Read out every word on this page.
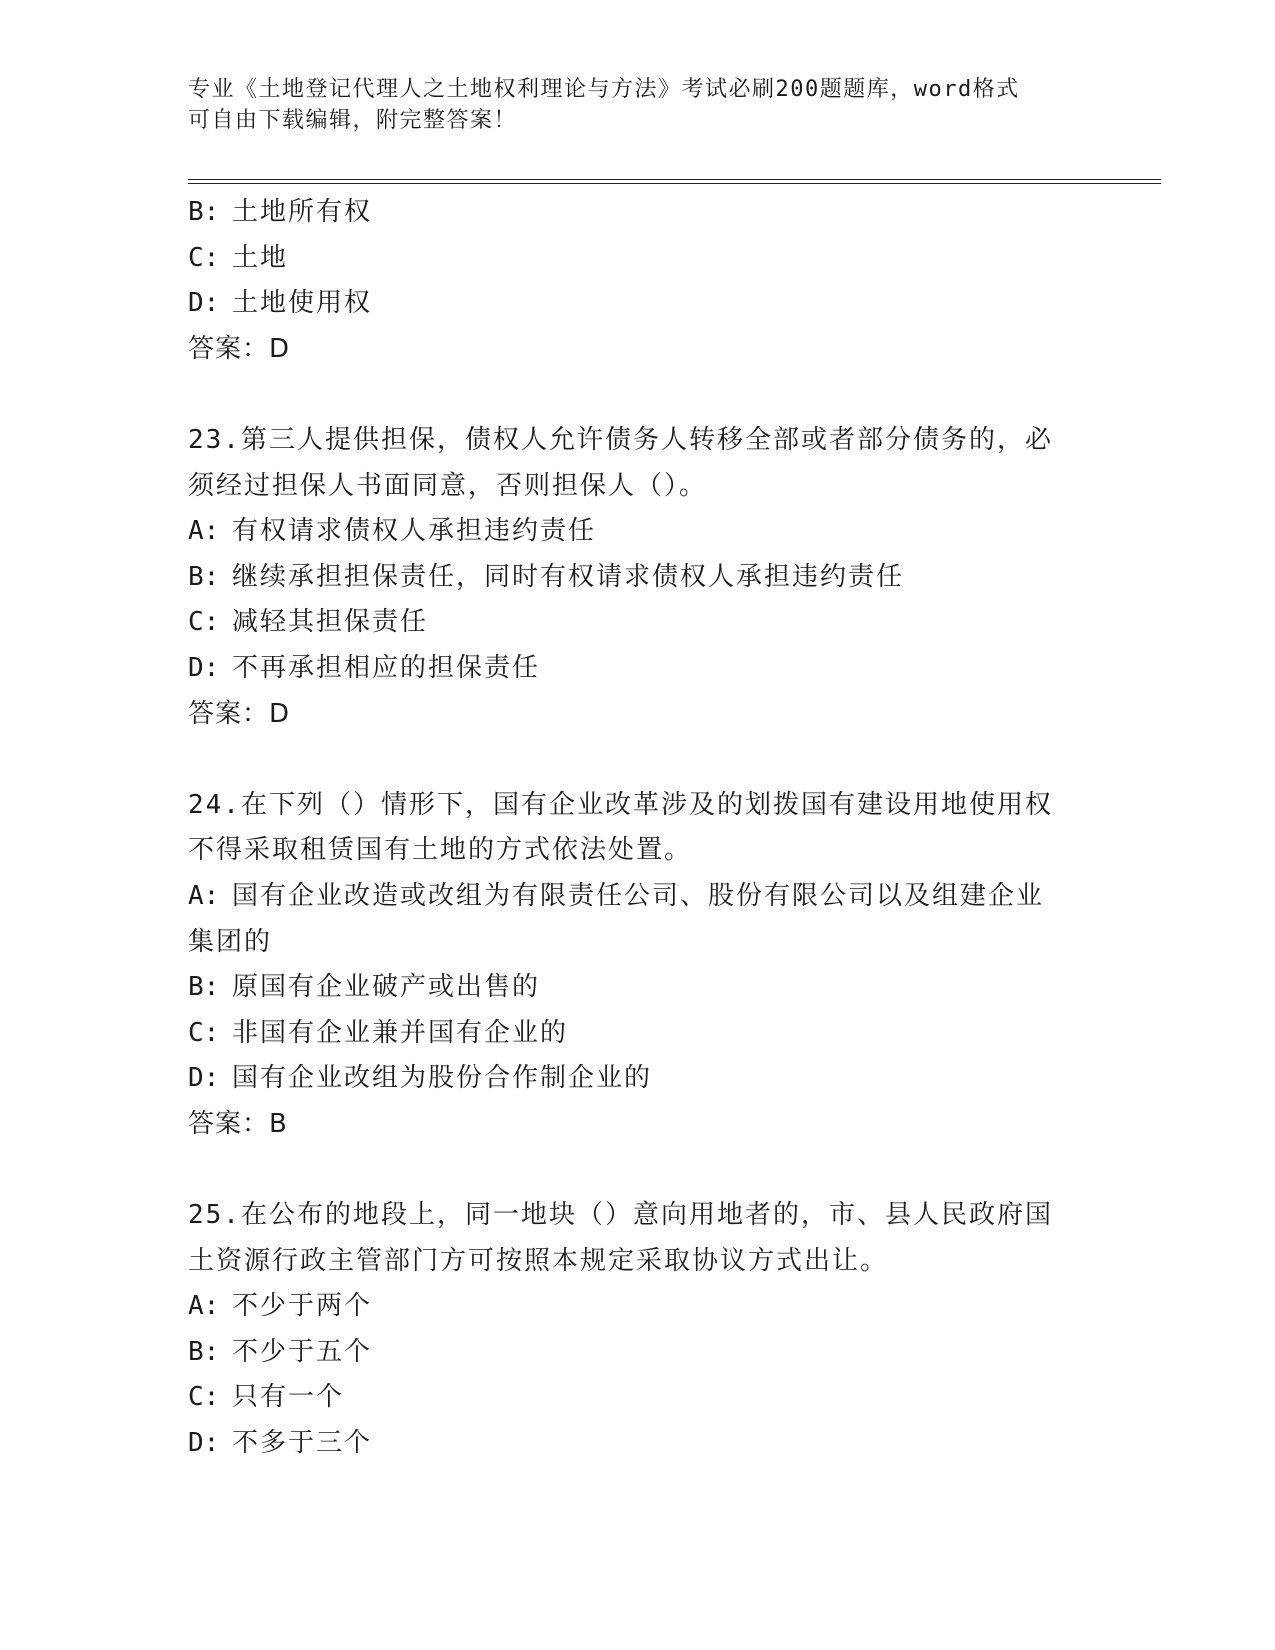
专业《土地登记代理人之土地权利理论与方法》考试必刷200题题库，word格式
可自由下载编辑，附完整答案！
B: 土地所有权
C: 土地
D: 土地使用权
答案：D
23.第三人提供担保，债权人允许债务人转移全部或者部分债务的，必
须经过担保人书面同意，否则担保人（）。
A: 有权请求债权人承担违约责任
B: 继续承担担保责任，同时有权请求债权人承担违约责任
C: 减轻其担保责任
D: 不再承担相应的担保责任
答案：D
24.在下列（）情形下，国有企业改革涉及的划拨国有建设用地使用权
不得采取租赁国有土地的方式依法处置。
A: 国有企业改造或改组为有限责任公司、股份有限公司以及组建企业
集团的
B: 原国有企业破产或出售的
C: 非国有企业兼并国有企业的
D: 国有企业改组为股份合作制企业的
答案：B
25.在公布的地段上，同一地块（）意向用地者的，市、县人民政府国
土资源行政主管部门方可按照本规定采取协议方式出让。
A: 不少于两个
B: 不少于五个
C: 只有一个
D: 不多于三个
